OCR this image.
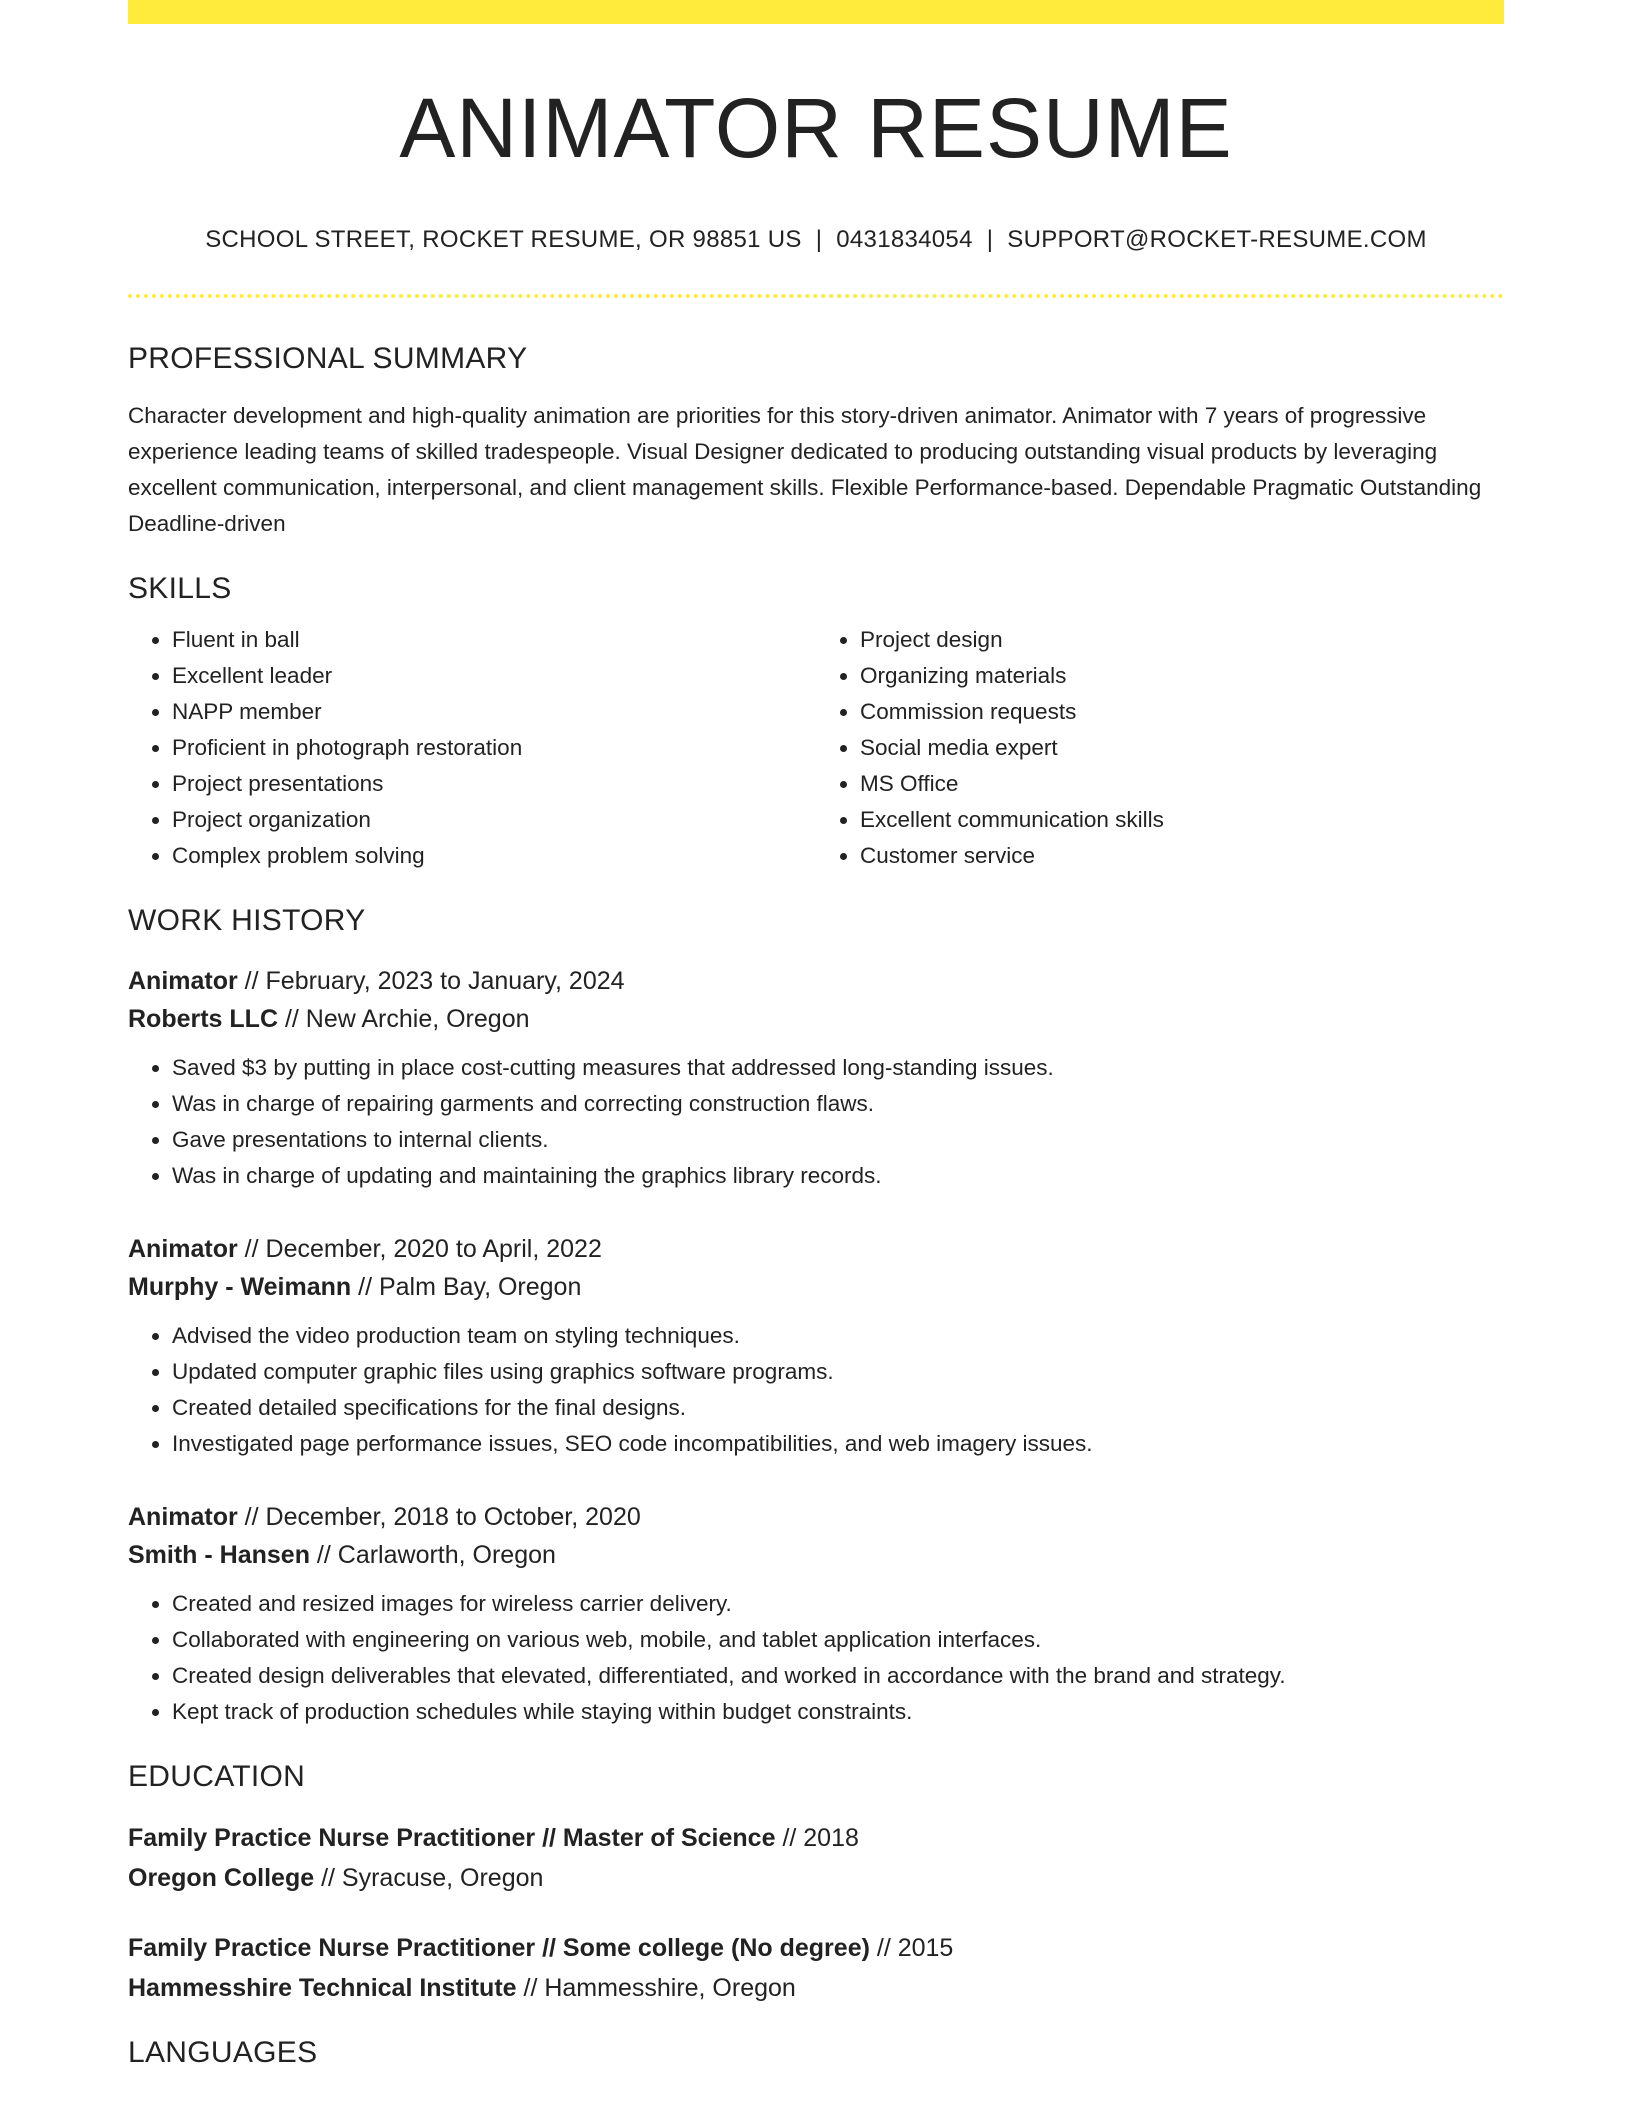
ANIMATOR RESUME
SCHOOL STREET, ROCKET RESUME, OR 98851 US | 0431834054 | SUPPORT@ROCKET-RESUME.COM
PROFESSIONAL SUMMARY

Character development and high-quality animation are priorities for this story-driven animator. Animator with 7 years of progressive experience leading teams of skilled tradespeople. Visual Designer dedicated to producing outstanding visual products by leveraging excellent communication, interpersonal, and client management skills. Flexible Performance-based. Dependable Pragmatic Outstanding Deadline-driven

SKILLS
• Fluent in ball
• Excellent leader
• NAPP member
• Proficient in photograph restoration
• Project presentations
• Project organization
• Complex problem solving
• Project design
• Organizing materials
• Commission requests
• Social media expert
• MS Office
• Excellent communication skills
• Customer service
WORK HISTORY
Animator // February, 2023 to January, 2024
Roberts LLC // New Archie, Oregon
• Saved $3 by putting in place cost-cutting measures that addressed long-standing issues.
• Was in charge of repairing garments and correcting construction flaws.
• Gave presentations to internal clients.
• Was in charge of updating and maintaining the graphics library records.
Animator // December, 2020 to April, 2022
Murphy - Weimann // Palm Bay, Oregon
• Advised the video production team on styling techniques.
• Updated computer graphic files using graphics software programs.
• Created detailed specifications for the final designs.
• Investigated page performance issues, SEO code incompatibilities, and web imagery issues.
Animator // December, 2018 to October, 2020
Smith - Hansen // Carlaworth, Oregon
• Created and resized images for wireless carrier delivery.
• Collaborated with engineering on various web, mobile, and tablet application interfaces.
• Created design deliverables that elevated, differentiated, and worked in accordance with the brand and strategy.
• Kept track of production schedules while staying within budget constraints.
EDUCATION
Family Practice Nurse Practitioner // Master of Science // 2018
Oregon College // Syracuse, Oregon
Family Practice Nurse Practitioner // Some college (No degree) // 2015
Hammesshire Technical Institute // Hammesshire, Oregon
LANGUAGES
